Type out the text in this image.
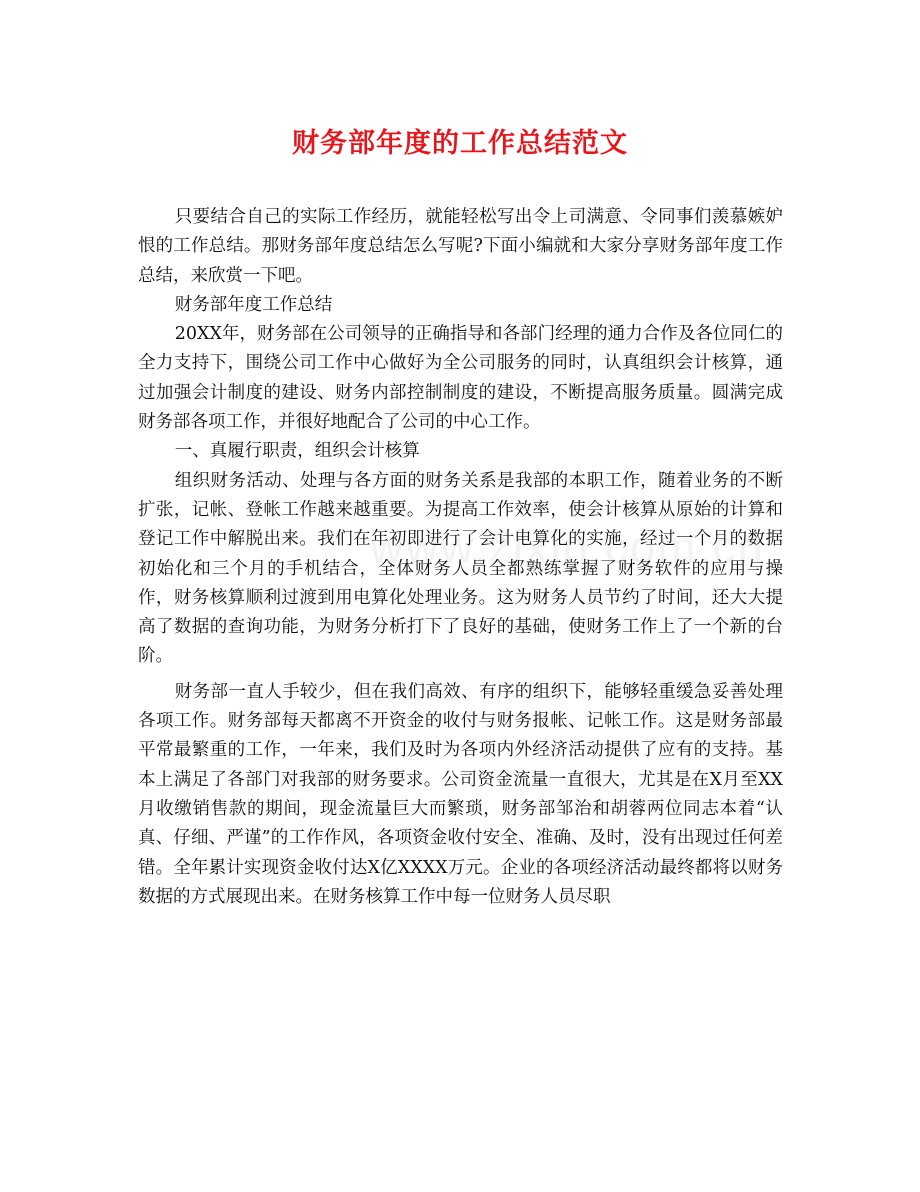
财务部年度的工作总结范文

只要结合自己的实际工作经历，就能轻松写出令上司满意、令同事们羡慕嫉妒恨的工作总结。那财务部年度总结怎么写呢?下面小编就和大家分享财务部年度工作总结，来欣赏一下吧。

财务部年度工作总结

20XX年，财务部在公司领导的正确指导和各部门经理的通力合作及各位同仁的全力支持下，围绕公司工作中心做好为全公司服务的同时，认真组织会计核算，通过加强会计制度的建设、财务内部控制制度的建设，不断提高服务质量。圆满完成财务部各项工作，并很好地配合了公司的中心工作。

一、真履行职责，组织会计核算

组织财务活动、处理与各方面的财务关系是我部的本职工作，随着业务的不断扩张，记帐、登帐工作越来越重要。为提高工作效率，使会计核算从原始的计算和登记工作中解脱出来。我们在年初即进行了会计电算化的实施，经过一个月的数据初始化和三个月的手机结合，全体财务人员全都熟练掌握了财务软件的应用与操作，财务核算顺利过渡到用电算化处理业务。这为财务人员节约了时间，还大大提高了数据的查询功能，为财务分析打下了良好的基础，使财务工作上了一个新的台阶。

财务部一直人手较少，但在我们高效、有序的组织下，能够轻重缓急妥善处理各项工作。财务部每天都离不开资金的收付与财务报帐、记帐工作。这是财务部最平常最繁重的工作，一年来，我们及时为各项内外经济活动提供了应有的支持。基本上满足了各部门对我部的财务要求。公司资金流量一直很大，尤其是在X月至XX月收缴销售款的期间，现金流量巨大而繁琐，财务部邹治和胡蓉两位同志本着“认真、仔细、严谨”的工作作风，各项资金收付安全、准确、及时，没有出现过任何差错。全年累计实现资金收付达X亿XXXX万元。企业的各项经济活动最终都将以财务数据的方式展现出来。在财务核算工作中每一位财务人员尽职
